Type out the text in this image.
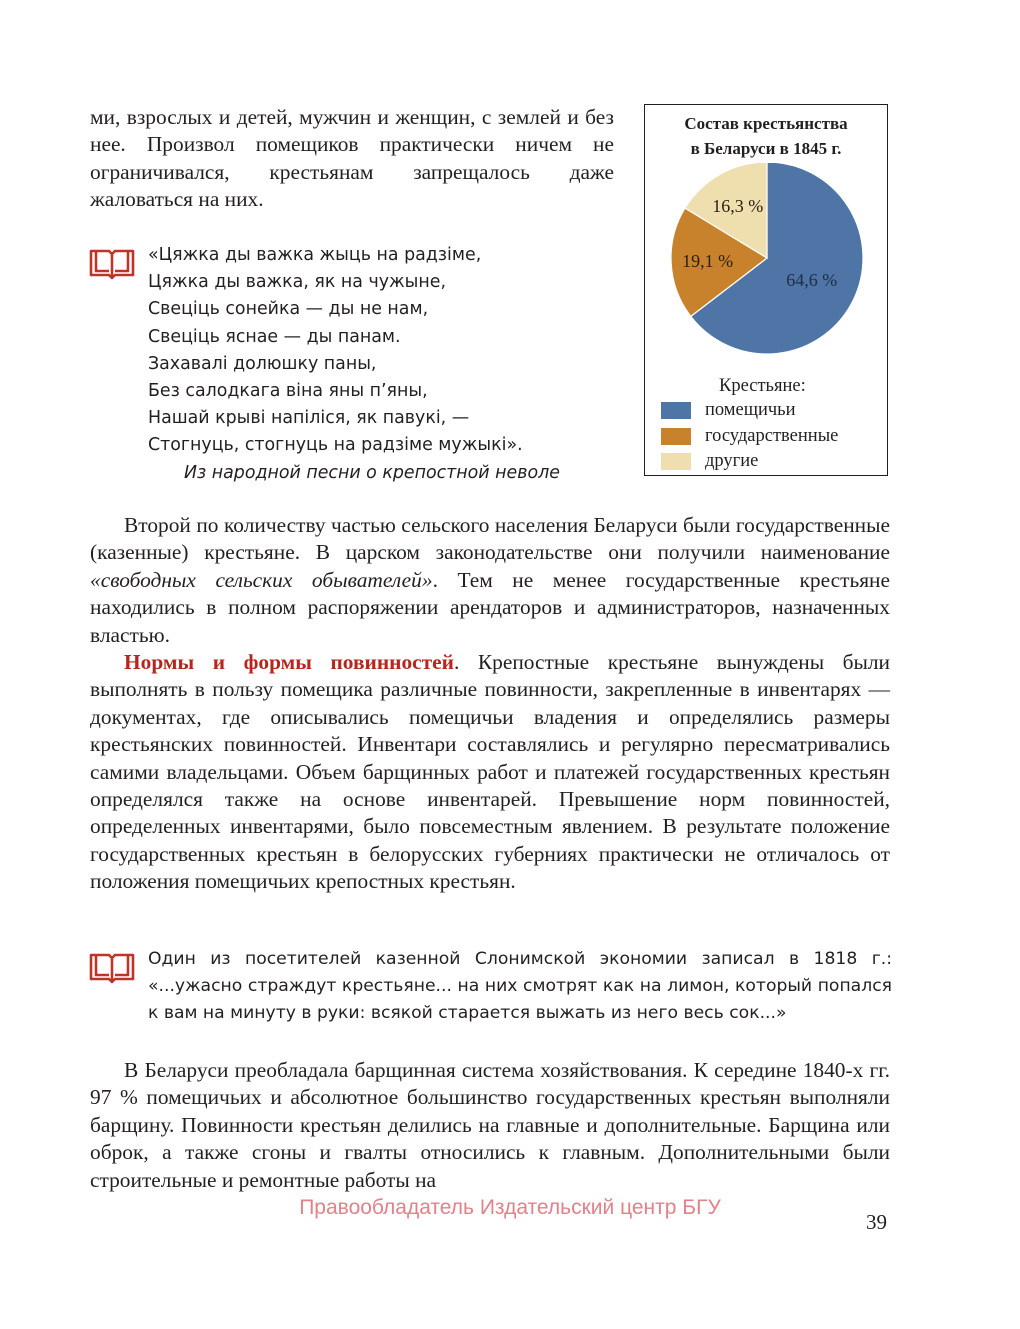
ми, взрослых и детей, мужчин и женщин, с землей и без нее. Произвол помещиков практически ничем не ограничивался, крестьянам запрещалось даже жаловаться на них.

«Цяжка ды важка жыць на радзіме,
Цяжка ды важка, як на чужыне,
Свеціць сонейка — ды не нам,
Свеціць яснае — ды панам.
Захавалі долюшку паны,
Без салодкага віна яны п’яны,
Нашай крыві напіліся, як павукі, —
Стогнуць, стогнуць на радзіме мужыкі».
Из народной песни о крепостной неволе
Состав крестьянства
в Беларуси в 1845 г.
64,6 %
19,1 %
16,3 %
Крестьяне:
помещичьи
государственные
другие

Второй по количеству частью сельского населения Беларуси были государственные (казенные) крестьяне. В царском законодательстве они получили наименование «свободных сельских обывателей». Тем не менее государственные крестьяне находились в полном распоряжении арендаторов и администраторов, назначенных властью.

Нормы и формы повинностей. Крепостные крестьяне вынуждены были выполнять в пользу помещика различные повинности, закрепленные в инвентарях — документах, где описывались помещичьи владения и определялись размеры крестьянских повинностей. Инвентари составлялись и регулярно пересматривались самими владельцами. Объем барщинных работ и платежей государственных крестьян определялся также на основе инвентарей. Превышение норм повинностей, определенных инвентарями, было повсеместным явлением. В результате положение государственных крестьян в белорусских губерниях практически не отличалось от положения помещичьих крепостных крестьян.

Один из посетителей казенной Слонимской экономии записал в 1818 г.: «...ужасно страждут крестьяне... на них смотрят как на лимон, который попался к вам на минуту в руки: всякой старается выжать из него весь сок...»

В Беларуси преобладала барщинная система хозяйствования. К середине 1840-х гг. 97 % помещичьих и абсолютное большинство государственных крестьян выполняли барщину. Повинности крестьян делились на главные и дополнительные. Барщина или оброк, а также сгоны и гвалты относились к главным. Дополнительными были строительные и ремонтные работы на

Правообладатель Издательский центр БГУ
39
